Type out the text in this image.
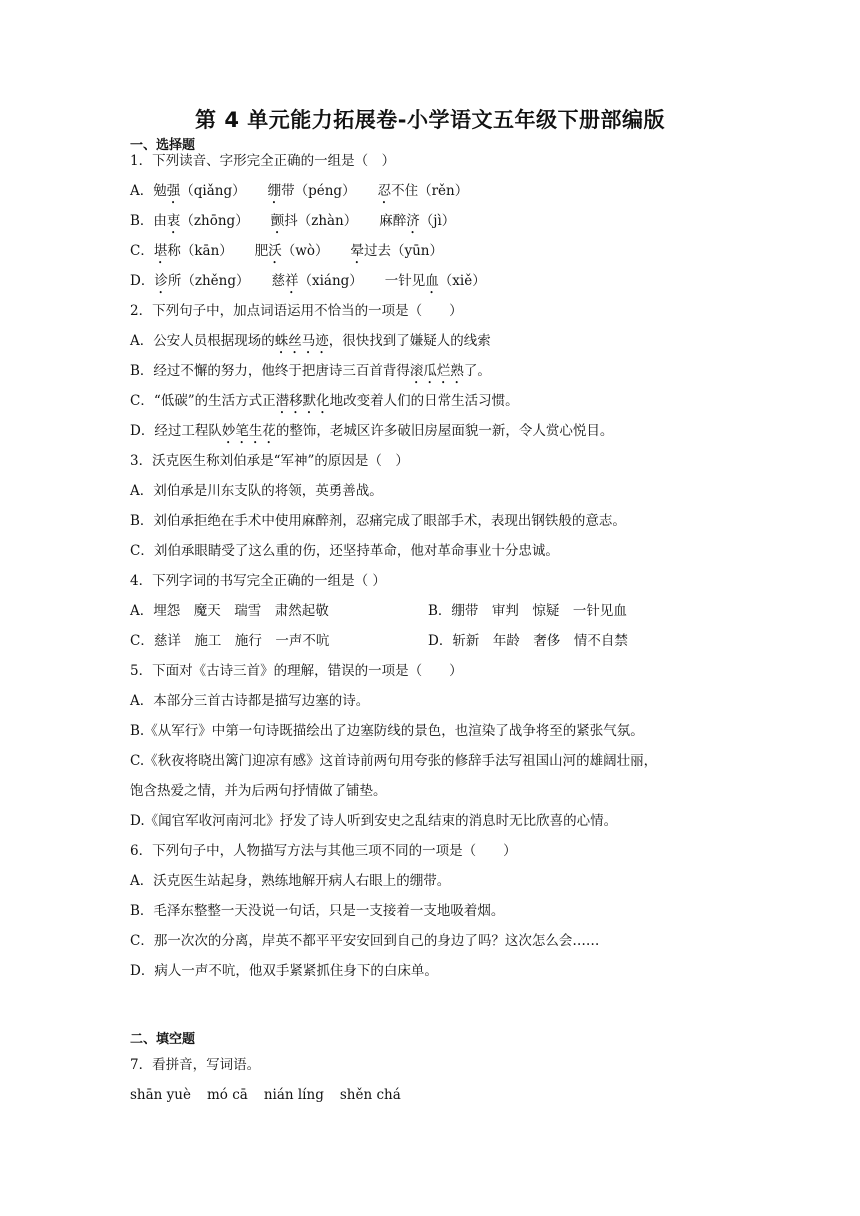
第 4 单元能力拓展卷-小学语文五年级下册部编版
一、选择题
1．下列读音、字形完全正确的一组是（　）
A．勉强（qiǎng） 绷带（péng） 忍不住（rěn）
B．由衷（zhōng） 颤抖（zhàn） 麻醉济（jì）
C．堪称（kān） 肥沃（wò） 晕过去（yūn）
D．诊所（zhěng） 慈祥（xiáng） 一针见血（xiě）
2．下列句子中，加点词语运用不恰当的一项是（　　）
A．公安人员根据现场的蛛丝马迹，很快找到了嫌疑人的线索
B．经过不懈的努力，他终于把唐诗三百首背得滚瓜烂熟了。
C．“低碳”的生活方式正潜移默化地改变着人们的日常生活习惯。
D．经过工程队妙笔生花的整饰，老城区许多破旧房屋面貌一新，令人赏心悦目。
3．沃克医生称刘伯承是“军神”的原因是（　）
A．刘伯承是川东支队的将领，英勇善战。
B．刘伯承拒绝在手术中使用麻醉剂，忍痛完成了眼部手术，表现出钢铁般的意志。
C．刘伯承眼睛受了这么重的伤，还坚持革命，他对革命事业十分忠诚。
4．下列字词的书写完全正确的一组是（ ）
A．埋怨　魔天　瑞雪　肃然起敬	B．绷带　审判　惊疑　一针见血
C．慈详　施工　施行　一声不吭	D．斩新　年龄　奢侈　情不自禁
5．下面对《古诗三首》的理解，错误的一项是（　　）
A．本部分三首古诗都是描写边塞的诗。
B.《从军行》中第一句诗既描绘出了边塞防线的景色，也渲染了战争将至的紧张气氛。
C.《秋夜将晓出篱门迎凉有感》这首诗前两句用夸张的修辞手法写祖国山河的雄阔壮丽，
饱含热爱之情，并为后两句抒情做了铺垫。
D.《闻官军收河南河北》抒发了诗人听到安史之乱结束的消息时无比欣喜的心情。
6．下列句子中，人物描写方法与其他三项不同的一项是（　　）
A．沃克医生站起身，熟练地解开病人右眼上的绷带。
B．毛泽东整整一天没说一句话，只是一支接着一支地吸着烟。
C．那一次次的分离，岸英不都平平安安回到自己的身边了吗？这次怎么会……
D．病人一声不吭，他双手紧紧抓住身下的白床单。
二、填空题
7．看拼音，写词语。
shān yuè mó cā nián líng shěn chá
